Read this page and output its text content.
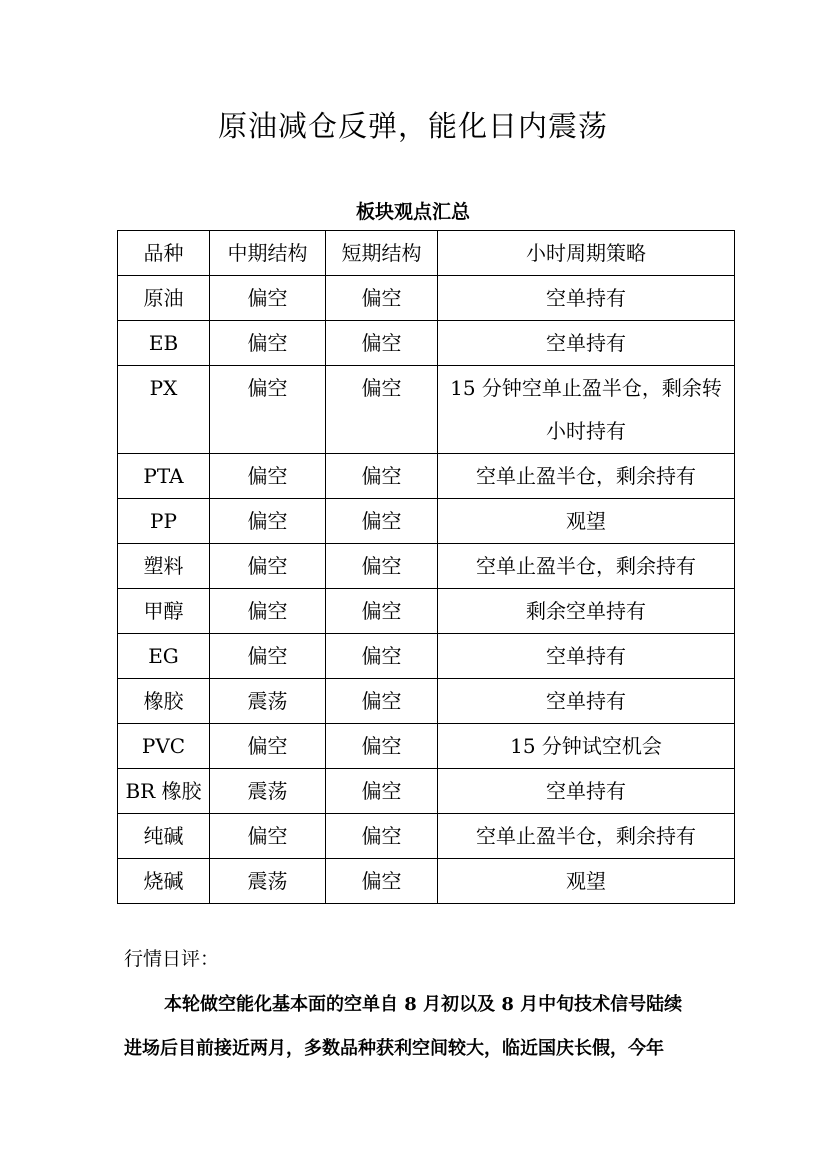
原油减仓反弹，能化日内震荡
板块观点汇总
品种	中期结构	短期结构	小时周期策略
原油	偏空	偏空	空单持有
EB	偏空	偏空	空单持有
PX	偏空	偏空	15 分钟空单止盈半仓，剩余转小时持有
PTA	偏空	偏空	空单止盈半仓，剩余持有
PP	偏空	偏空	观望
塑料	偏空	偏空	空单止盈半仓，剩余持有
甲醇	偏空	偏空	剩余空单持有
EG	偏空	偏空	空单持有
橡胶	震荡	偏空	空单持有
PVC	偏空	偏空	15 分钟试空机会
BR 橡胶	震荡	偏空	空单持有
纯碱	偏空	偏空	空单止盈半仓，剩余持有
烧碱	震荡	偏空	观望
行情日评：
本轮做空能化基本面的空单自 8 月初以及 8 月中旬技术信号陆续
进场后目前接近两月，多数品种获利空间较大，临近国庆长假，今年
